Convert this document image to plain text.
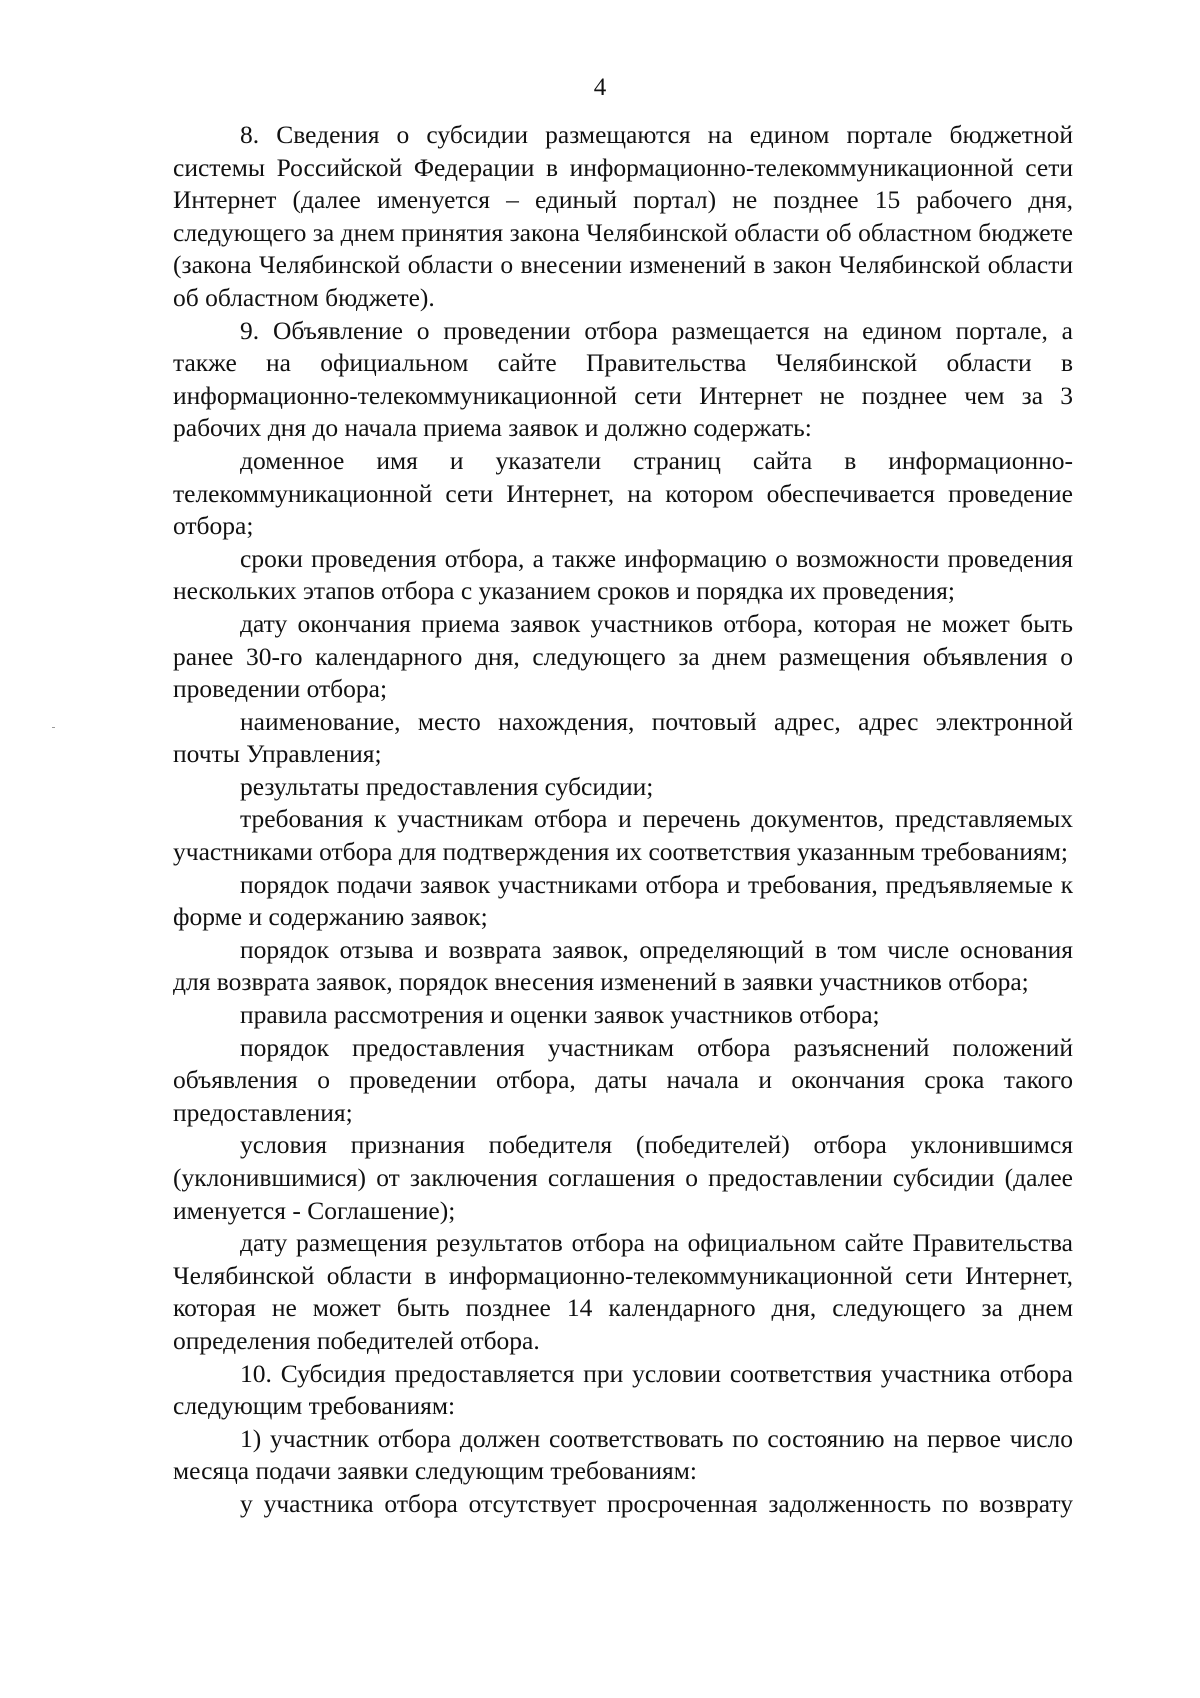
4

8. Сведения о субсидии размещаются на едином портале бюджетной системы Российской Федерации в информационно-телекоммуникационной сети Интернет (далее именуется – единый портал) не позднее 15 рабочего дня, следующего за днем принятия закона Челябинской области об областном бюджете (закона Челябинской области о внесении изменений в закон Челябинской области об областном бюджете).

9. Объявление о проведении отбора размещается на едином портале, а также на официальном сайте Правительства Челябинской области в информационно-телекоммуникационной сети Интернет не позднее чем за 3 рабочих дня до начала приема заявок и должно содержать:

доменное имя и указатели страниц сайта в информационно-телекоммуникационной сети Интернет, на котором обеспечивается проведение отбора;

сроки проведения отбора, а также информацию о возможности проведения нескольких этапов отбора с указанием сроков и порядка их проведения;

дату окончания приема заявок участников отбора, которая не может быть ранее 30-го календарного дня, следующего за днем размещения объявления о проведении отбора;

наименование, место нахождения, почтовый адрес, адрес электронной почты Управления;

результаты предоставления субсидии;

требования к участникам отбора и перечень документов, представляемых участниками отбора для подтверждения их соответствия указанным требованиям;

порядок подачи заявок участниками отбора и требования, предъявляемые к форме и содержанию заявок;

порядок отзыва и возврата заявок, определяющий в том числе основания для возврата заявок, порядок внесения изменений в заявки участников отбора;

правила рассмотрения и оценки заявок участников отбора;

порядок предоставления участникам отбора разъяснений положений объявления о проведении отбора, даты начала и окончания срока такого предоставления;

условия признания победителя (победителей) отбора уклонившимся (уклонившимися) от заключения соглашения о предоставлении субсидии (далее именуется - Соглашение);

дату размещения результатов отбора на официальном сайте Правительства Челябинской области в информационно-телекоммуникационной сети Интернет, которая не может быть позднее 14 календарного дня, следующего за днем определения победителей отбора.

10. Субсидия предоставляется при условии соответствия участника отбора следующим требованиям:

1) участник отбора должен соответствовать по состоянию на первое число месяца подачи заявки следующим требованиям:

у участника отбора отсутствует просроченная задолженность по возврату
